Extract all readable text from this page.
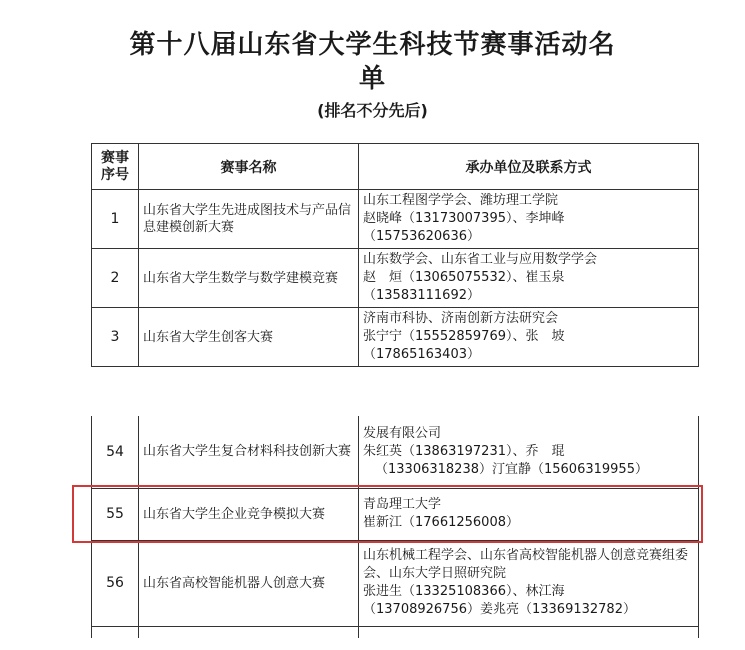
第十八届山东省大学生科技节赛事活动名
单
(排名不分先后)
赛事
序号	赛事名称	承办单位及联系方式
1	山东省大学生先进成图技术与产品信息建模创新大赛	山东工程图学学会、潍坊理工学院
赵晓峰（13173007395）、李坤峰
（15753620636）

2	山东省大学生数学与数学建模竞赛	山东数学会、山东省工业与应用数学学会
赵　烜（13065075532）、崔玉泉
（13583111692）

3	山东省大学生创客大赛	济南市科协、济南创新方法研究会
张宁宁（15552859769）、张　坡
（17865163403）
54	山东省大学生复合材料科技创新大赛	发展有限公司
朱红英（13863197231）、乔　琨
（13306318238）汀宜静（15606319955）

55	山东省大学生企业竞争模拟大赛	青岛理工大学
崔新江（17661256008）

56	山东省高校智能机器人创意大赛	山东机械工程学会、山东省高校智能机器人创意竞赛组委会、山东大学日照研究院
张进生（13325108366）、林江海
（13708926756）姜兆亮（13369132782）
